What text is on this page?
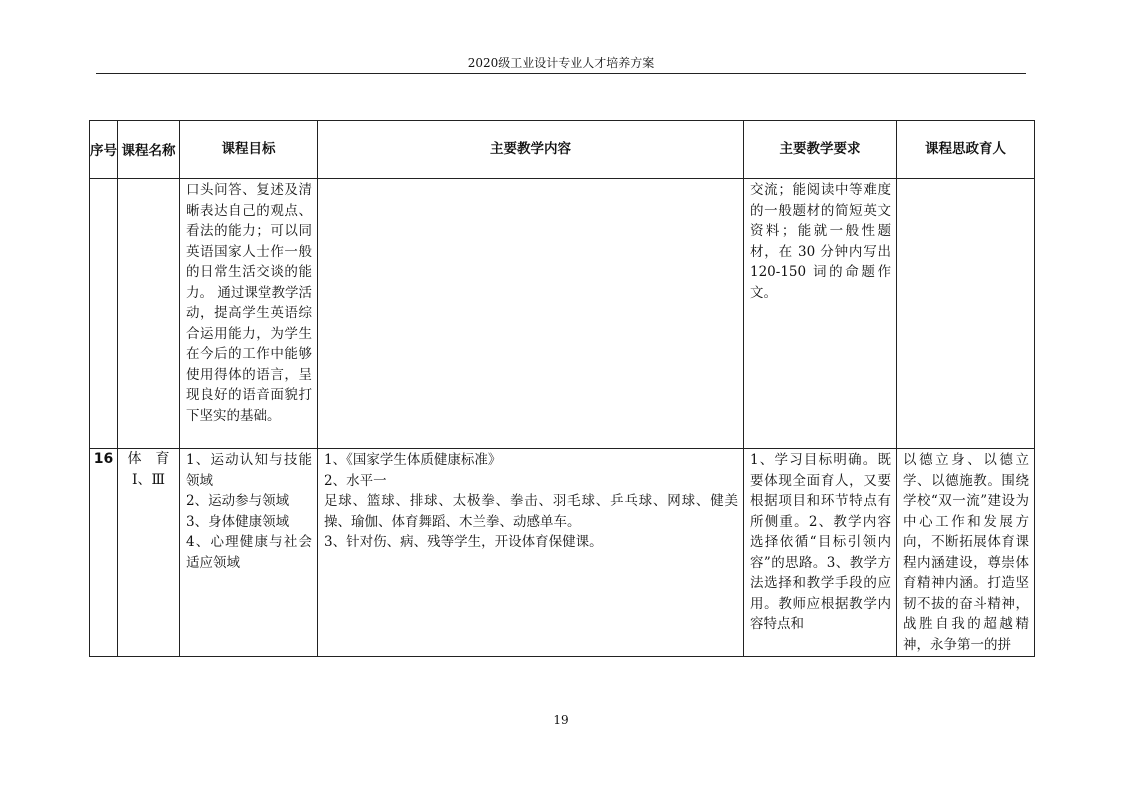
2020级工业设计专业人才培养方案
序号	课程名称	课程目标	主要教学内容	主要教学要求	课程思政育人

		口头问答、复述及清晰表达自己的观点、看法的能力；可以同英语国家人士作一般的日常生活交谈的能力。 通过课堂教学活动，提高学生英语综合运用能力，为学生在今后的工作中能够使用得体的语言，呈现良好的语音面貌打下坚实的基础。		交流；能阅读中等难度的一般题材的简短英文资料；能就一般性题材，在 30 分钟内写出120-150 词的命题作文。	

16	体　育Ⅰ、Ⅲ	1、运动认知与技能领域
2、运动参与领域
3、身体健康领域
4、心理健康与社会适应领域	1、《国家学生体质健康标准》
2、水平一
足球、篮球、排球、太极拳、拳击、羽毛球、乒乓球、网球、健美操、瑜伽、体育舞蹈、木兰拳、动感单车。
3、针对伤、病、残等学生，开设体育保健课。	1、学习目标明确。既要体现全面育人，又要根据项目和环节特点有所侧重。2、教学内容选择依循“目标引领内容”的思路。3、教学方法选择和教学手段的应用。教师应根据教学内容特点和	以德立身、以德立学、以德施教。围绕学校“双一流”建设为中心工作和发展方向，不断拓展体育课程内涵建设，尊崇体育精神内涵。打造坚韧不拔的奋斗精神，战胜自我的超越精神，永争第一的拼
19
